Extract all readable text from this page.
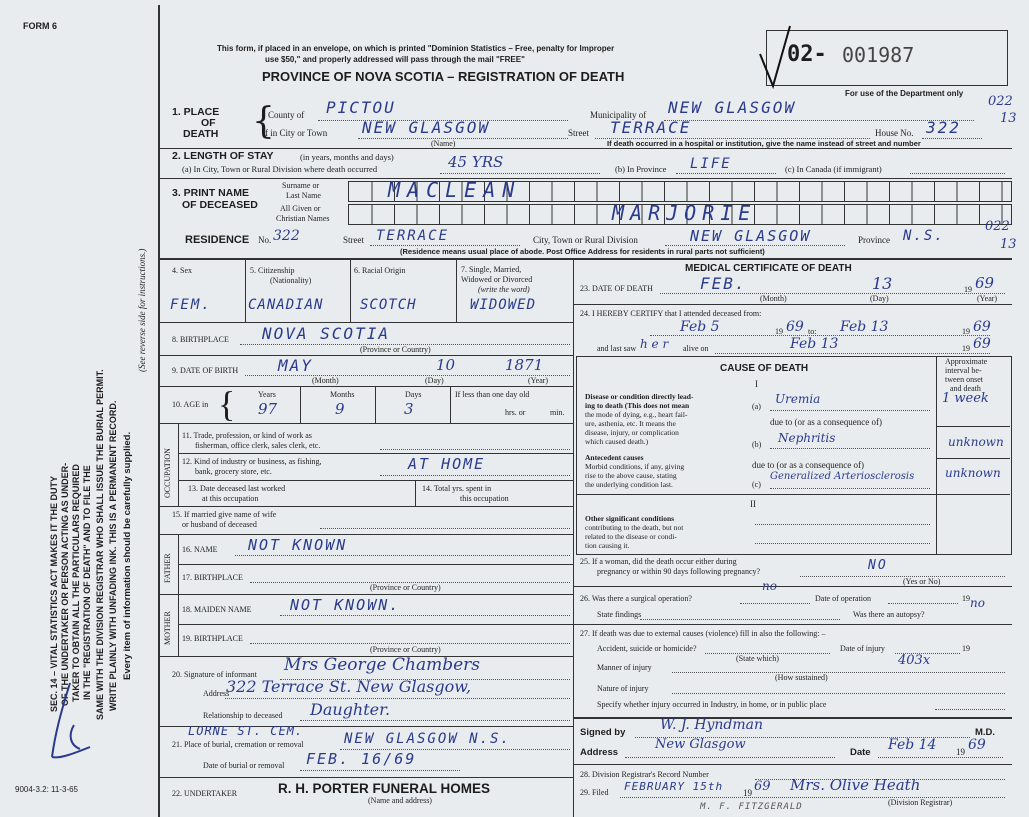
FORM 6
SEC. 14 – VITAL STATISTICS ACT MAKES IT THE DUTY OF THE UNDERTAKER OR PERSON ACTING AS UNDER- TAKER TO OBTAIN ALL THE PARTICULARS REQUIRED IN THE "REGISTRATION OF DEATH" AND TO FILE THE SAME WITH THE DIVISION REGISTRAR WHO SHALL ISSUE THE BURIAL PERMIT. WRITE PLAINLY WITH UNFADING INK. THIS IS A PERMANENT RECORD. Every item of information should be carefully supplied.
(See reverse side for instructions.)
9004-3.2: 11-3-65
This form, if placed in an envelope, on which is printed "Dominion Statistics – Free, penalty for Improper
use $50," and properly addressed will pass through the mail "FREE"
PROVINCE OF NOVA SCOTIA – REGISTRATION OF DEATH
02- 001987
For use of the Department only
022
13
1. PLACE
OF
DEATH {
County of PICTOU	Municipality of NEW GLASGOW
If in City or Town NEW GLASGOW
(Name)
Street TERRACE	House No. 322
If death occurred in a hospital or institution, give the name instead of street and number
2. LENGTH OF STAY	(in years, months and days)
(a) In City, Town or Rural Division where death occurred	45 YRS	(b) In Province LIFE	(c) In Canada (if immigrant)
3. PRINT NAME
OF DECEASED
Surname or
Last Name
All Given or
Christian Names
MACLEAN
MARJORIE
RESIDENCE No. 322	Street TERRACE	City, Town or Rural Division	NEW GLASGOW	Province N.S.
022
13
(Residence means usual place of abode. Post Office Address for residents in rural parts not sufficient)
4. Sex	5. Citizenship
(Nationality)
6. Racial Origin	7. Single, Married,
Widowed or Divorced
(write the word)
FEM.	CANADIAN	SCOTCH	WIDOWED
8. BIRTHPLACE NOVA SCOTIA
(Province or Country)
9. DATE OF BIRTH MAY	10	1871
(Month)	(Day)	(Year)
10. AGE in {	Years	Months	Days	If less than one day old
97	9	3	hrs. or	min.
OCCUPATION
11. Trade, profession, or kind of work as
fisherman, office clerk, sales clerk, etc.
12. Kind of industry or business, as fishing,
bank, grocery store, etc.	AT HOME
13. Date deceased last worked
at this occupation
14. Total yrs. spent in
this occupation
15. If married give name of wife
or husband of deceased
FATHER
16. NAME NOT KNOWN
17. BIRTHPLACE
(Province or Country)
MOTHER
18. MAIDEN NAME	NOT KNOWN.
19. BIRTHPLACE
(Province or Country)
20. Signature of informant Mrs George Chambers
Address
322 Terrace St. New Glasgow,
Relationship to deceased Daughter.
LORNE ST. CEM.
21. Place of burial, cremation or removal	NEW GLASGOW N.S.
Date of burial or removal FEB. 16/69
22. UNDERTAKER	R. H. PORTER FUNERAL HOMES
(Name and address)
MEDICAL CERTIFICATE OF DEATH
23. DATE OF DEATH	FEB.	13	19 69
(Month)	(Day)	(Year)
24. I HEREBY CERTIFY that I attended deceased from:
Feb 5	19 69 to: Feb 13	19 69
and last saw h e r alive on	Feb 13	19 69
CAUSE OF DEATH
Approximate
interval be-
tween onset
and death
I
Disease or condition directly lead-
ing to death (This does not mean
the mode of dying, e.g., heart fail-
ure, asthenia, etc. It means the
disease, injury, or complication
which caused death.)
(a)
Uremia	1 week
due to (or as a consequence of)
(b) Nephritis	unknown
Antecedent causes
Morbid conditions, if any, giving
rise to the above cause, stating
the underlying condition last.
due to (or as a consequence of)
(c)
Generalized Arteriosclerosis	unknown
II
Other significant conditions
contributing to the death, but not
related to the disease or condi-
tion causing it.
25. If a woman, did the death occur either during
pregnancy or within 90 days following pregnancy?	NO
(Yes or No)
26. Was there a surgical operation?
no
Date of operation	19
State findings	Was there an autopsy?
no
27. If death was due to external causes (violence) fill in also the following: –
Accident, suicide or homicide?
(State which)
Date of injury	19
403x
Manner of injury
(How sustained)
Nature of injury
Specify whether injury occurred in Industry, in home, or in public place
Signed by W. J. Hyndman	M.D.
Address
New Glasgow
Date Feb 14 19 69
28. Division Registrar's Record Number
29. Filed FEBRUARY 15th 19 69 Mrs. Olive Heath
(Division Registrar)
M. F. FITZGERALD
